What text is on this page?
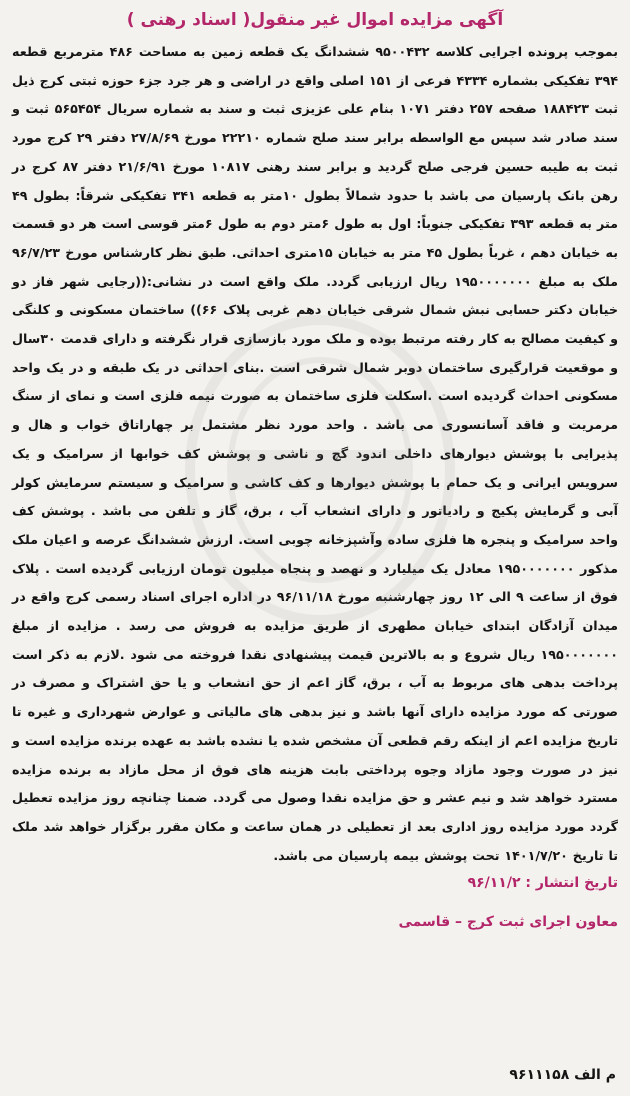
آگهی مزایده اموال غیر منقول( اسناد رهنی )
بموجب پرونده اجرایی کلاسه ۹۵۰۰۴۳۲ ششدانگ یک قطعه زمین به مساحت ۴۸۶ مترمربع قطعه ۳۹۴ تفکیکی بشماره ۴۳۳۴ فرعی از ۱۵۱ اصلی واقع در اراضی و هر جرد جزء حوزه ثبتی کرج ذیل ثبت ۱۸۸۴۲۳ صفحه ۲۵۷ دفتر ۱۰۷۱ بنام علی عزیزی ثبت و سند به شماره سریال ۵۶۵۴۵۴ ثبت و سند صادر شد سپس مع الواسطه برابر سند صلح شماره ۲۲۲۱۰ مورخ ۲۷/۸/۶۹ دفتر ۲۹ کرج مورد ثبت به طیبه حسین فرجی صلح گردید و برابر سند رهنی ۱۰۸۱۷ مورخ ۲۱/۶/۹۱ دفتر ۸۷ کرج در رهن بانک پارسیان می باشد با حدود شمالاً بطول ۱۰متر به قطعه ۳۴۱ تفکیکی شرقاً: بطول ۴۹ متر به قطعه ۳۹۳ تفکیکی جنوباً: اول به طول ۶متر دوم به طول ۶متر قوسی است هر دو قسمت به خیابان دهم ، غرباً بطول ۴۵ متر به خیابان ۱۵متری احداثی. طبق نظر کارشناس مورخ ۹۶/۷/۲۳ ملک به مبلغ ۱۹۵۰۰۰۰۰۰۰ ریال ارزیابی گردد. ملک واقع است در نشانی:((رجایی شهر فاز دو خیابان دکتر حسابی نبش شمال شرقی خیابان دهم غربی پلاک ۶۶)) ساختمان مسکونی و کلنگی و کیفیت مصالح به کار رفته مرتبط بوده و ملک مورد بازسازی قرار نگرفته و دارای قدمت ۳۰سال و موقعیت قرارگیری ساختمان دوبر شمال شرقی است .بنای احداثی در یک طبقه و در یک واحد مسکونی احداث گردیده است .اسکلت فلزی ساختمان به صورت نیمه فلزی است و نمای از سنگ مرمریت و فاقد آسانسوری می باشد . واحد مورد نظر مشتمل بر چهاراتاق خواب و هال و پذیرایی با پوشش دیوارهای داخلی اندود گچ و ناشی و پوشش کف خوابها از سرامیک و یک سرویس ایرانی و یک حمام با پوشش دیوارها و کف کاشی و سرامیک و سیستم سرمایش کولر آبی و گرمایش پکیج و رادیاتور و دارای انشعاب آب ، برق، گاز و تلفن می باشد . پوشش کف واحد سرامیک و پنجره ها فلزی ساده وآشپزخانه چوبی است. ارزش ششدانگ عرصه و اعیان ملک مذکور ۱۹۵۰۰۰۰۰۰۰ معادل یک میلیارد و نهصد و پنجاه میلیون تومان ارزیابی گردیده است . پلاک فوق از ساعت ۹ الی ۱۲ روز چهارشنبه مورخ ۹۶/۱۱/۱۸ در اداره اجرای اسناد رسمی کرج واقع در میدان آزادگان ابتدای خیابان مطهری از طریق مزایده به فروش می رسد . مزایده از مبلغ ۱۹۵۰۰۰۰۰۰۰ ریال شروع و به بالاترین قیمت پیشنهادی نقدا فروخته می شود .لازم به ذکر است پرداخت بدهی های مربوط به آب ، برق، گاز اعم از حق انشعاب و یا حق اشتراک و مصرف در صورتی که مورد مزایده دارای آنها باشد و نیز بدهی های مالیاتی و عوارض شهرداری و غیره تا تاریخ مزایده اعم از اینکه رقم قطعی آن مشخص شده یا نشده باشد به عهده برنده مزایده است و نیز در صورت وجود مازاد وجوه پرداختی بابت هزینه های فوق از محل مازاد به برنده مزایده مسترد خواهد شد و نیم عشر و حق مزایده نقدا وصول می گردد. ضمنا چنانچه روز مزایده تعطیل گردد مورد مزایده روز اداری بعد از تعطیلی در همان ساعت و مکان مقرر برگزار خواهد شد ملک تا تاریخ ۱۴۰۱/۷/۲۰ تحت پوشش بیمه پارسیان می باشد.
تاریخ انتشار : ۹۶/۱۱/۲
معاون اجرای ثبت کرج – قاسمی
م الف ۹۶۱۱۱۵۸
